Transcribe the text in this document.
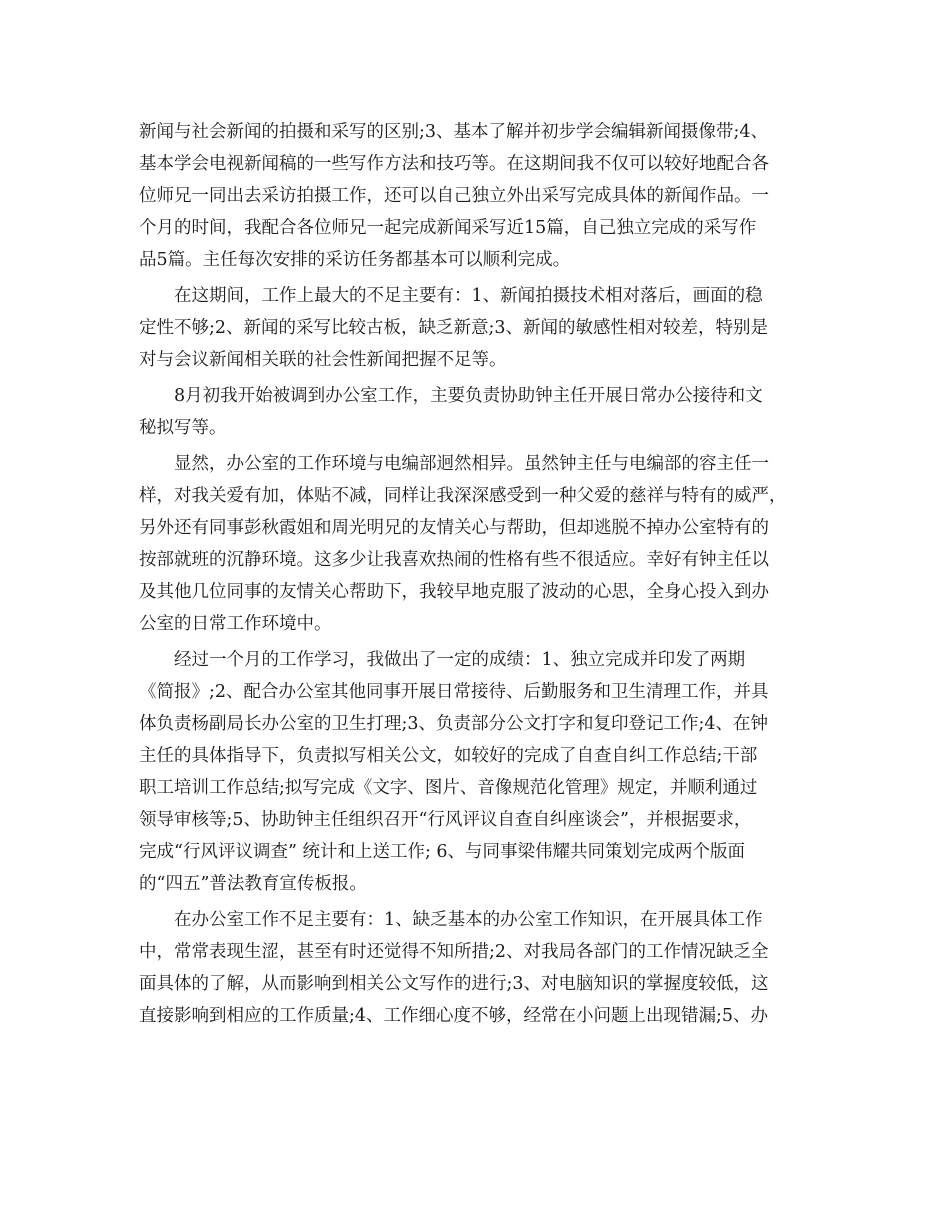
新闻与社会新闻的拍摄和采写的区别;3、基本了解并初步学会编辑新闻摄像带;4、
基本学会电视新闻稿的一些写作方法和技巧等。在这期间我不仅可以较好地配合各
位师兄一同出去采访拍摄工作，还可以自己独立外出采写完成具体的新闻作品。一
个月的时间，我配合各位师兄一起完成新闻采写近15篇，自己独立完成的采写作
品5篇。主任每次安排的采访任务都基本可以顺利完成。

在这期间，工作上最大的不足主要有：1、新闻拍摄技术相对落后，画面的稳
定性不够;2、新闻的采写比较古板，缺乏新意;3、新闻的敏感性相对较差，特别是
对与会议新闻相关联的社会性新闻把握不足等。

8月初我开始被调到办公室工作，主要负责协助钟主任开展日常办公接待和文
秘拟写等。

显然，办公室的工作环境与电编部迥然相异。虽然钟主任与电编部的容主任一
样，对我关爱有加，体贴不减，同样让我深深感受到一种父爱的慈祥与特有的威严，
另外还有同事彭秋霞姐和周光明兄的友情关心与帮助，但却逃脱不掉办公室特有的
按部就班的沉静环境。这多少让我喜欢热闹的性格有些不很适应。幸好有钟主任以
及其他几位同事的友情关心帮助下，我较早地克服了波动的心思，全身心投入到办
公室的日常工作环境中。

经过一个月的工作学习，我做出了一定的成绩：1、独立完成并印发了两期
《简报》;2、配合办公室其他同事开展日常接待、后勤服务和卫生清理工作，并具
体负责杨副局长办公室的卫生打理;3、负责部分公文打字和复印登记工作;4、在钟
主任的具体指导下，负责拟写相关公文，如较好的完成了自查自纠工作总结;干部
职工培训工作总结;拟写完成《文字、图片、音像规范化管理》规定，并顺利通过
领导审核等;5、协助钟主任组织召开“行风评议自查自纠座谈会”，并根据要求，
完成“行风评议调查” 统计和上送工作; 6、与同事梁伟耀共同策划完成两个版面
的“四五”普法教育宣传板报。

在办公室工作不足主要有：1、缺乏基本的办公室工作知识，在开展具体工作
中，常常表现生涩，甚至有时还觉得不知所措;2、对我局各部门的工作情况缺乏全
面具体的了解，从而影响到相关公文写作的进行;3、对电脑知识的掌握度较低，这
直接影响到相应的工作质量;4、工作细心度不够，经常在小问题上出现错漏;5、办
